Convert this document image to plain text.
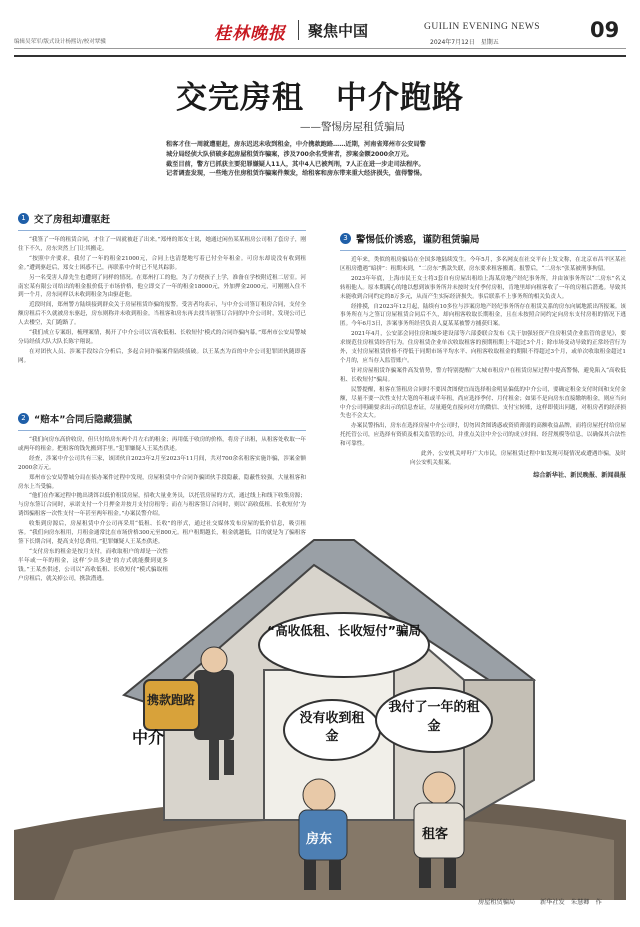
编辑吴荣军/版式设计杨熙访/校对覃骥	桂林晚报 聚焦中国	GUILIN EVENING NEWS
2024年7月12日　星期五
09
交完房租　中介跑路
——警惕房屋租赁骗局
租客才住一周就遭驱赶，房东迟迟未收到租金，中介携款跑路……近期，河南省郑州市公安局警
城分局经侦大队侦破多起房屋租赁诈骗案，涉及700余名受害者，涉案金额2000余万元。
截至目前，警方已抓获主要犯罪嫌疑人11人，其中4人已被判刑，7人正在进一步走司法程序。
记者调查发现，一些地方住房租赁诈骗案件频发，给租客和房东带来重大经济损失，值得警惕。
1 交了房租却遭驱赶

“我签了一年的租赁合同，才住了一周就被赶了出来。”郑州的郑女士说，她通过闲鱼某某租房公司租了套房子，刚住下不久，房东突然上门让其搬走。

“按照中介要求，我付了一年的租金21000元，合同上也清楚地写着已付全年租金。可房东却说没有收到租金。”遭到驱赶后，郑女士困惑不已，再联系中介时已不见其踪影。

另一名受害人薛先生也遭到了同样的情况。在郑州打工的他，为了方便孩子上学，准备在学校附近租二居室。河南宏某有限公司给出的租金报价低于市场价格，他立即交了一年的租金18000元，外加押金2000元，可刚刚入住不到一个月，房东同样以未收到租金为由驱赶他。

近段时间，郑州警方陆续接到群众关于房屋租赁诈骗的报警。受害者均表示，与中介公司签订租房合同，支付全额房租后不久就被房东驱赶，房东则称并未收到租金。当租客和房东再去找当初签订合同的中介公司时，发现公司已人去楼空，关门跑路了。

“我们成立专案组，梳理案情，揭开了中介公司以‘高收低租、长收短付’模式的合同诈骗内幕。”郑州市公安局警城分局经侦大队大队长陈宇翔说。

在对团伙人员、涉案手段综合分析后，多起合同诈骗案件陆续侦破。以王某杰为首的中介公司犯罪团伙随即落网。

2 “赔本”合同后隐藏猫腻

“我们向房东高价收房，但只付给房东两个月左右的租金；再用低于收房的价格，将房子出租，从租客处收取一年或两年的租金。把租客的钱先搬到手里。”犯罪嫌疑人王某杰供述。

经查，涉案中介公司共有三家，该团伙自2023年2月至2023年11月间，共对700余名租客实施诈骗，涉案金额2000余万元。

郑州市公安局警城分局在侦办案件过程中发现，房屋租赁中介合同诈骗团伙手段隐蔽，隐蔽性较强，大量租客和房东上当受骗。

“他们在作案过程中抛出诱饵以低价租赁房屋，招收大量业务员，以托管房屋的方式，通过线上和线下收集房源；与房东签订合同时，承诺支付一个月押金并按月支付房租等；而在与租客签订合同时，则以‘高收低租、长收短付’为诱饵骗租客一次性支付一年甚至两年租金。”办案民警介绍。

收集到房源后，房屋租赁中介公司再采用“低租、长收”的形式，通过社交媒体发布房屋的低价信息，吸引租客。“我们向房东租用，月租金通常比在市场价格300元至800元。租户租期越长，租金就越低，目的就是为了骗租客签下长期合同，提高支付总费用。”犯罪嫌疑人王某杰供述。

“支付房东的租金是按月支付，而收取租户的却是一次性半年或一年的租金，这样‘少出多进’的方式就能攒到更多钱。”王某杰供述，公司以“高收低租、长收短付”模式骗取租户房租后，就关掉公司，携款潜逃。

3 警惕低价诱惑，谨防租赁骗局

近年来，类似的租房骗局在全国多地陆续发生。今年5月，多名网友在社交平台上发文称，在北京市昌平区某社区租房遭遇“暗拼”：租期未到，“二房东”携款失联，房东要求租客搬离。报警后，“二房东”张某被刑事拘留。

2023年年底，上海市民王女士将3套自有房屋出租给上海某房地产经纪事务所，并由该事务所以“二房东”名义转租他人。原本期满心的地以想到该事务所并未按时支付季付房租，肯地里却向租客收了一年的房租后潜逃。导致其未能收到合同约定的8万多元，从而产生实际经济损失。事后联系不上事务所的相关负责人。

经排摸，自2023年12月起，陆续有10多位与涉案房地产经纪事务所存在租赁关系的房东向属地派出所报案。该事务所在与之签订房屋租赁合同后不久，却向租客收取长期租金，且在未按照合同约定向房东支付房租的情况下逃匿。今年6月3日，涉案事务所经营负责人夏某某被警方捕获归案。

2021年4月，公安部会同住房和城乡建设部等六部委联合发布《关于加强轻资产住房租赁企业监管的意见》，要求规范住房租赁经营行为。住房租赁企业单次收取租客的预期租期上不超过3个月；除市场变动导致的正常经营行为外，支付房屋租赁价格不得低于同期市场平均水平、向租客收取租金的期限不得超过3个月，或单次收取租金超过1个月的，应当存入监管账户。

针对房屋租赁诈骗案件高发情势，警方特别提醒广大城市租房户在租赁房屋过程中提高警惕，避免陷入“高收低租、长收短付”骗局。

民警提醒，租客在签租房合同时不要因贪图便宜而选择租金明显偏低的中介公司，要确定租金支付时间和支付金额，尽量不要一次性支付大笔的年租或半年租，尚应选择季付、月付租金；如果不是向房东直接缴纳租金，则应当向中介公司明确要求出示的信息查证，尽量避免直接向对方的微信、支付宝转账，这样即使出问题，对租房者的经济损失也不会太大。

办案民警指出，房东在选择房屋中介公司时，切勿因贪图诱惑或资质薄弱的高额收益品牌，而将房屋托付给房屋托托管公司，应选择有资质及相关监管的公司，并重点关注中介公司的成立时间、经营规模等信息，以确保其合法性和可靠性。

此外，公安机关呼吁广大市民，房屋租赁过程中如发现可疑情况或遭遇诈骗，及时向公安机关报案。

综合新华社、新民晚报、新闻晨报
携款跑路
中介
“高收低租、长收短付”骗局
没有收到租金
我付了一年的租金
房东	租客
房屋租赁骗局	新华社发　朱慧卿　作
